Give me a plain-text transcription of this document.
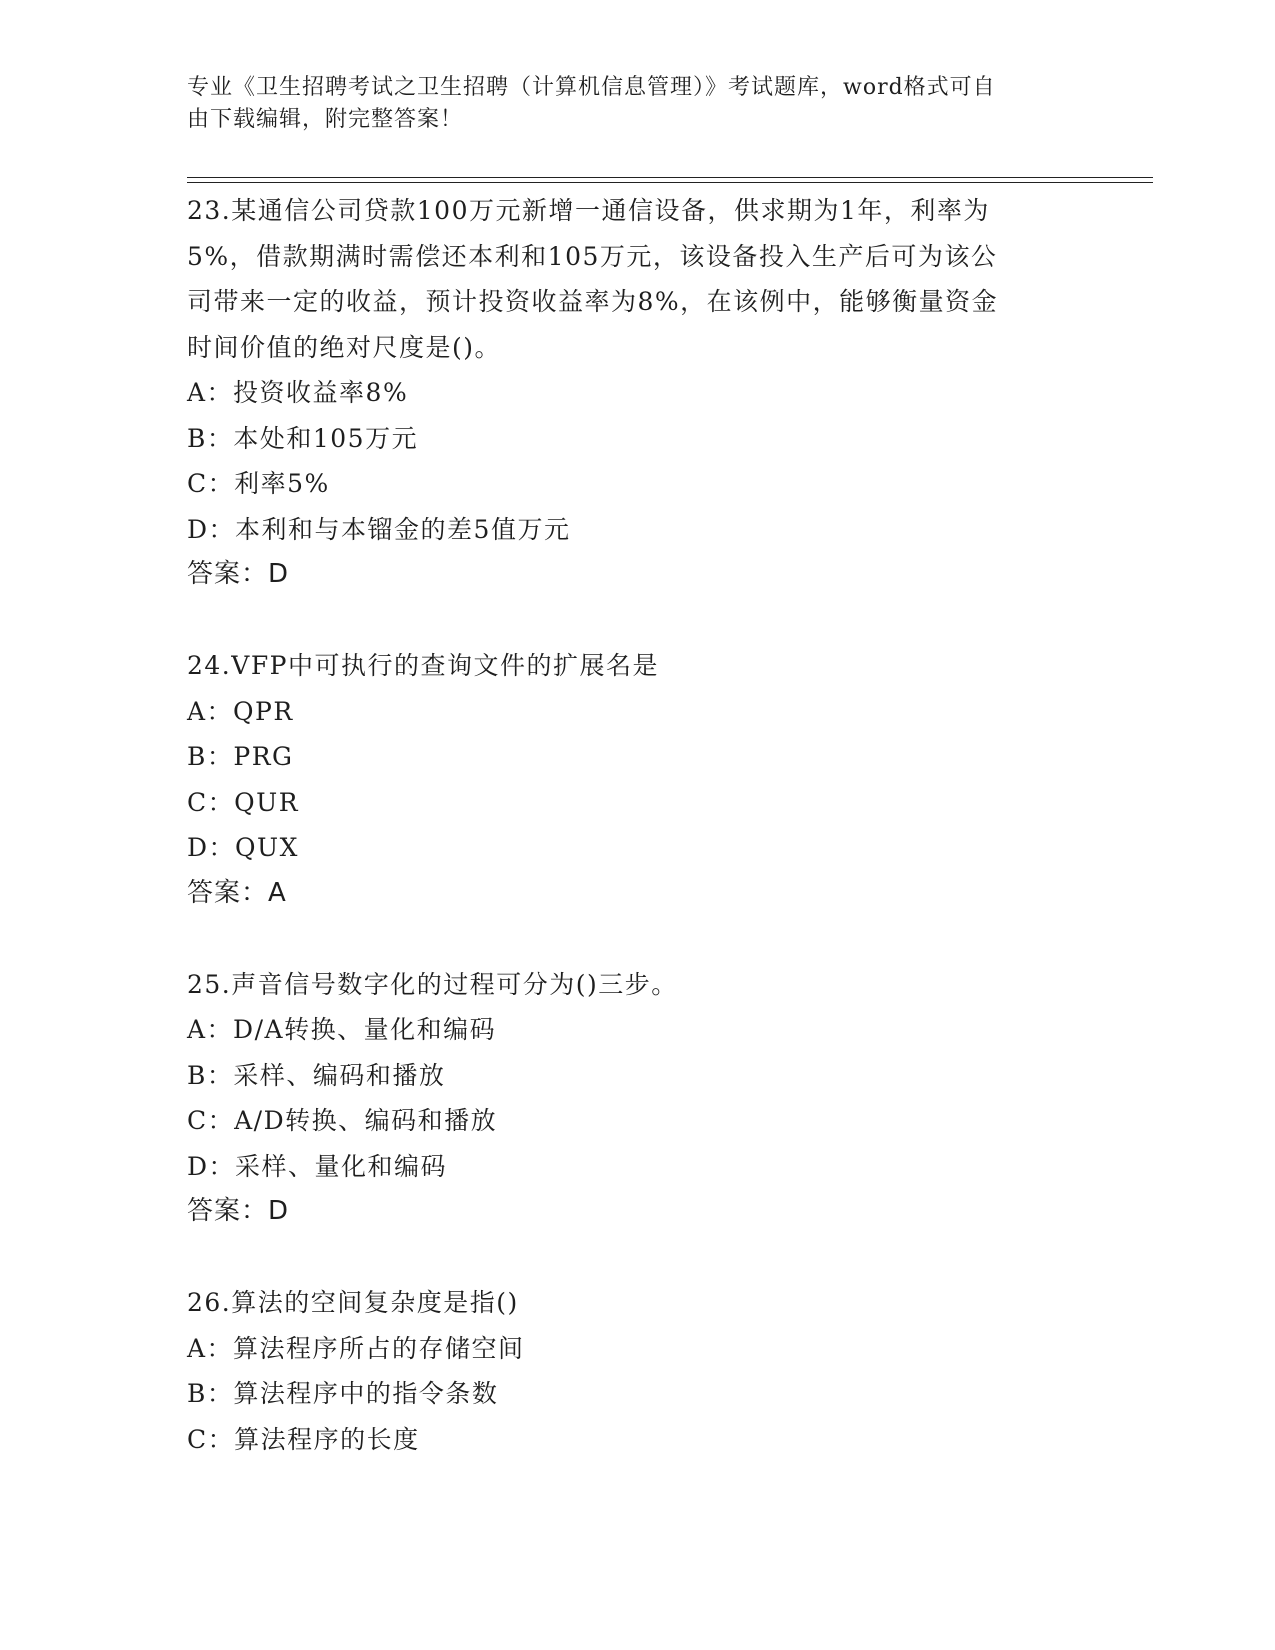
专业《卫生招聘考试之卫生招聘（计算机信息管理）》考试题库，word格式可自
由下载编辑，附完整答案！
23.某通信公司贷款100万元新增一通信设备，供求期为1年，利率为
5%，借款期满时需偿还本利和105万元，该设备投入生产后可为该公
司带来一定的收益，预计投资收益率为8%，在该例中，能够衡量资金
时间价值的绝对尺度是()。
A：投资收益率8%
B：本处和105万元
C：利率5%
D：本利和与本镏金的差5值万元
答案：D
24.VFP中可执行的查询文件的扩展名是
A：QPR
B：PRG
C：QUR
D：QUX
答案：A
25.声音信号数字化的过程可分为()三步。
A：D/A转换、量化和编码
B：采样、编码和播放
C：A/D转换、编码和播放
D：采样、量化和编码
答案：D
26.算法的空间复杂度是指()
A：算法程序所占的存储空间
B：算法程序中的指令条数
C：算法程序的长度
